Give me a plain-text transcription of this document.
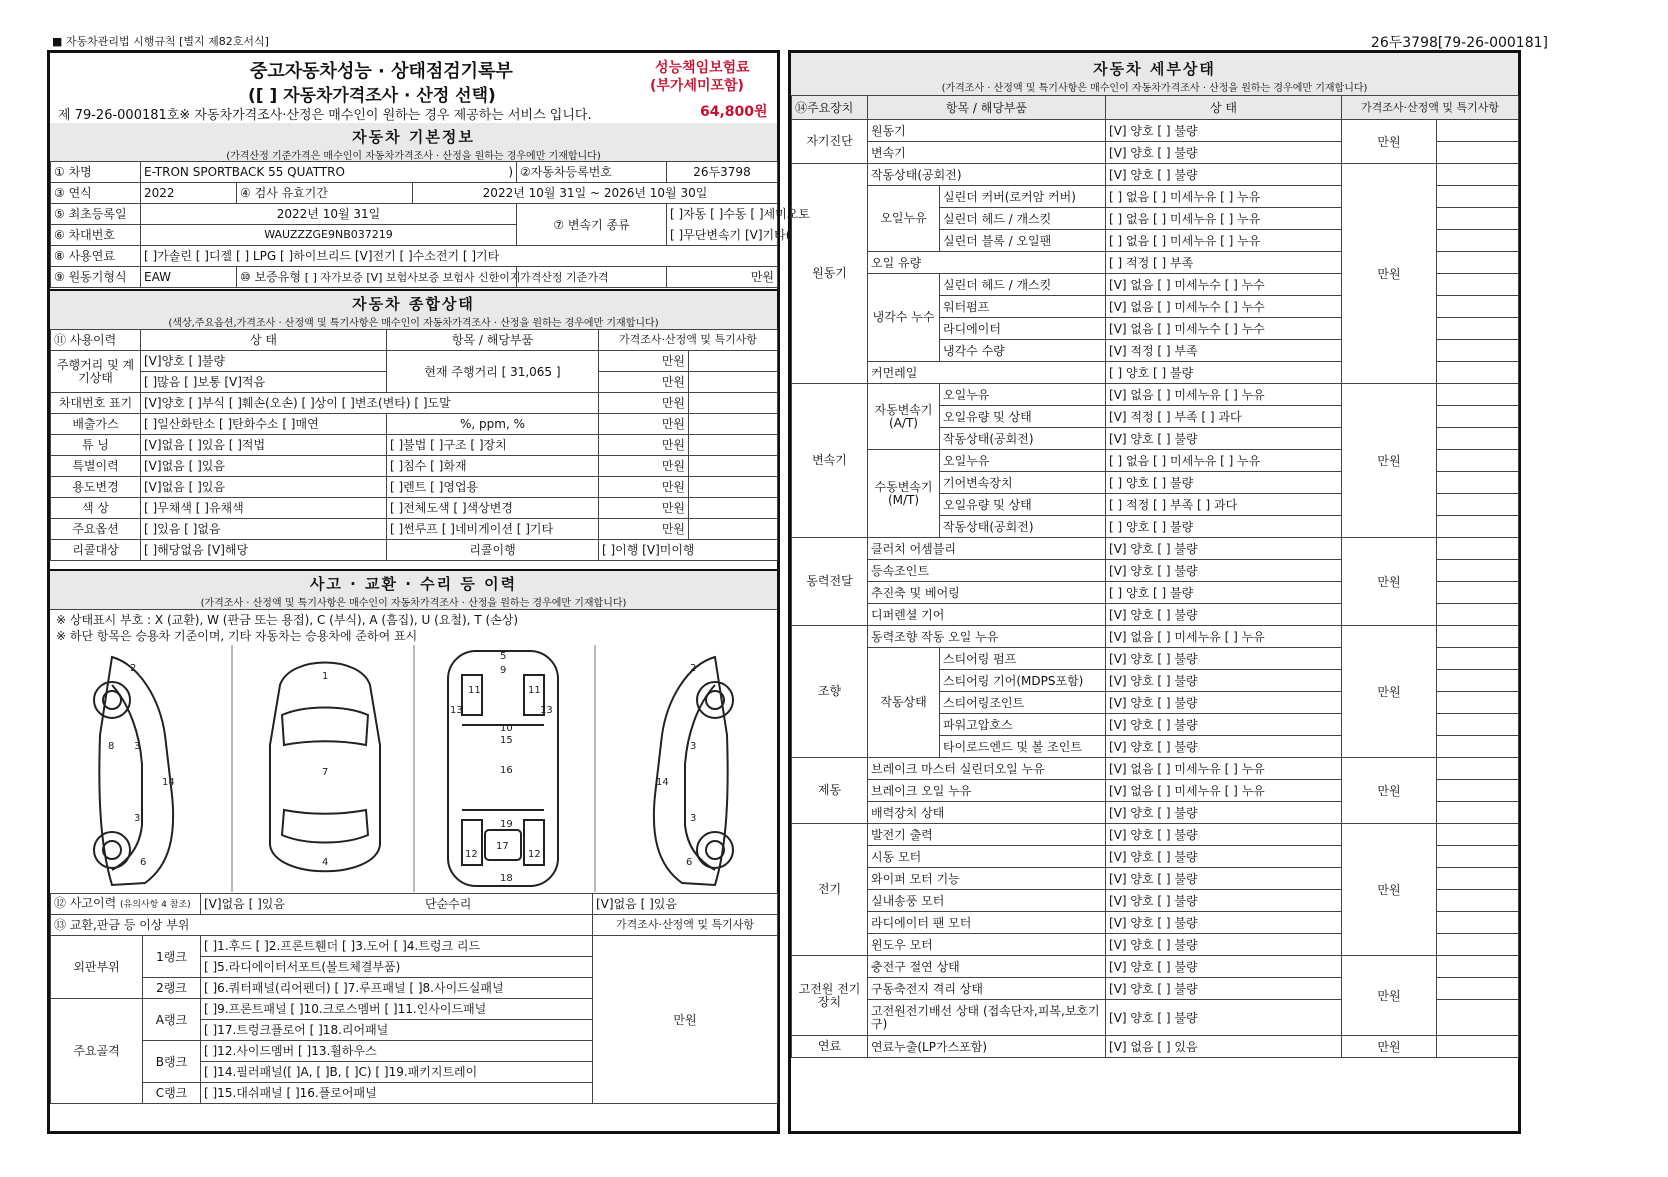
■ 자동차관리법 시행규칙 [별지 제82호서식]	26두3798[79-26-000181]
중고자동차성능 · 상태점검기록부
([ ] 자동차가격조사 · 산정 선택)
제 79-26-000181호※ 자동차가격조사·산정은 매수인이 원하는 경우 제공하는 서비스 입니다.
성능책임보험료
(부가세미포함)
64,800원
자동차 기본정보
(가격산정 기준가격은 매수인이 자동차가격조사 · 산정을 원하는 경우에만 기재합니다)
① 차명	E-TRON SPORTBACK 55 QUATTRO )			②자동차등록번호	26두3798
③ 연식	2022	④ 검사 유효기간	2022년 10월 31일 ~ 2026년 10월 30일		
⑤ 최초등록일	2022년 10월 31일			⑦ 변속기 종류	[ ]자동 [ ]수동 [ ]세미오토
⑥ 차대번호	WAUZZZGE9NB037219				[ ]무단변속기 [V]기타(
⑧ 사용연료	[ ]가솔린 [ ]디젤 [ ] LPG [ ]하이브리드 [V]전기 [ ]수소전기 [ ]기타				
⑨ 원동기형식	EAW	⑩ 보증유형 [ ] 자가보증 [V] 보험사보증 보험사 신한이지		가격산정 기준가격	만원
자동차 종합상태
(색상,주요옵션,가격조사 · 산정액 및 특기사항은 매수인이 자동차가격조사 · 산정을 원하는 경우에만 기재합니다)
⑪ 사용이력	상 태	항목 / 해당부품	가격조사·산정액 및 특기사항	
주행거리 및 계기상태	[V]양호 [ ]불량	현재 주행거리 [ 31,065 ]	만원	
	[ ]많음 [ ]보통 [V]적음		만원	
차대번호 표기	[V]양호 [ ]부식 [ ]훼손(오손) [ ]상이 [ ]변조(변타) [ ]도말		만원	
배출가스	[ ]일산화탄소 [ ]탄화수소 [ ]매연	%, ppm, %	만원	
튜 닝	[V]없음 [ ]있음 [ ]적법	[ ]불법 [ ]구조 [ ]장치	만원	
특별이력	[V]없음 [ ]있음	[ ]침수 [ ]화재	만원	
용도변경	[V]없음 [ ]있음	[ ]렌트 [ ]영업용	만원	
색 상	[ ]무채색 [ ]유채색	[ ]전체도색 [ ]색상변경	만원	
주요옵션	[ ]있음 [ ]없음	[ ]썬루프 [ ]네비게이션 [ ]기타	만원	
리콜대상	[ ]해당없음 [V]해당	리콜이행	[ ]이행 [V]미이행	
사고 · 교환 · 수리 등 이력
(가격조사 · 산정액 및 특기사항은 매수인이 자동차가격조사 · 산정을 원하는 경우에만 기재합니다)
※ 상태표시 부호 : X (교환), W (판금 또는 용접), C (부식), A (흠집), U (요철), T (손상)
※ 하단 항목은 승용차 기준이며, 기타 자동차는 승용차에 준하여 표시
2
3
3
6
8
14
1
7
4
5
9
11	11
10
15
16
19
17
18
13	13
12	12
2
3
3
6
14
⑫ 사고이력 (유의사항 4 참조)		[V]없음 [ ]있음 단순수리	[V]없음 [ ]있음
⑬ 교환,판금 등 이상 부위			가격조사·산정액 및 특기사항
외판부위	1랭크	[ ]1.후드 [ ]2.프론트휀더 [ ]3.도어 [ ]4.트렁크 리드	만원
		[ ]5.라디에이터서포트(볼트체결부품)	
	2랭크	[ ]6.쿼터패널(리어펜더) [ ]7.루프패널 [ ]8.사이드실패널	
주요골격	A랭크	[ ]9.프론트패널 [ ]10.크로스멤버 [ ]11.인사이드패널	
		[ ]17.트렁크플로어 [ ]18.리어패널	
	B랭크	[ ]12.사이드멤버 [ ]13.휠하우스	
		[ ]14.필러패널([ ]A, [ ]B, [ ]C) [ ]19.패키지트레이	
	C랭크	[ ]15.대쉬패널 [ ]16.플로어패널	
자동차 세부상태
(가격조사 · 산정액 및 특기사항은 매수인이 자동차가격조사 · 산정을 원하는 경우에만 기재합니다)
⑭주요장치	항목 / 해당부품		상 태	가격조사·산정액 및 특기사항	
자기진단	원동기		[V] 양호 [ ] 불량	만원	
	변속기		[V] 양호 [ ] 불량		
원동기	작동상태(공회전)		[V] 양호 [ ] 불량	만원	
	오일누유	실린더 커버(로커암 커버)	[ ] 없음 [ ] 미세누유 [ ] 누유		
		실린더 헤드 / 개스킷	[ ] 없음 [ ] 미세누유 [ ] 누유		
		실린더 블록 / 오일팬	[ ] 없음 [ ] 미세누유 [ ] 누유		
	오일 유량		[ ] 적정 [ ] 부족		
	냉각수 누수	실린더 헤드 / 개스킷	[V] 없음 [ ] 미세누수 [ ] 누수		
		워터펌프	[V] 없음 [ ] 미세누수 [ ] 누수		
		라디에이터	[V] 없음 [ ] 미세누수 [ ] 누수		
		냉각수 수량	[V] 적정 [ ] 부족		
	커먼레일		[ ] 양호 [ ] 불량		
변속기	자동변속기 (A/T)	오일누유	[V] 없음 [ ] 미세누유 [ ] 누유	만원	
		오일유량 및 상태	[V] 적정 [ ] 부족 [ ] 과다		
		작동상태(공회전)	[V] 양호 [ ] 불량		
	수동변속기 (M/T)	오일누유	[ ] 없음 [ ] 미세누유 [ ] 누유		
		기어변속장치	[ ] 양호 [ ] 불량		
		오일유량 및 상태	[ ] 적정 [ ] 부족 [ ] 과다		
		작동상태(공회전)	[ ] 양호 [ ] 불량		
동력전달	클러치 어셈블리		[V] 양호 [ ] 불량	만원	
	등속조인트		[V] 양호 [ ] 불량		
	추진축 및 베어링		[ ] 양호 [ ] 불량		
	디퍼렌셜 기어		[V] 양호 [ ] 불량		
조향	동력조향 작동 오일 누유		[V] 없음 [ ] 미세누유 [ ] 누유	만원	
	작동상태	스티어링 펌프	[V] 양호 [ ] 불량		
		스티어링 기어(MDPS포함)	[V] 양호 [ ] 불량		
		스티어링조인트	[V] 양호 [ ] 불량		
		파워고압호스	[V] 양호 [ ] 불량		
		타이로드엔드 및 볼 조인트	[V] 양호 [ ] 불량		
제동	브레이크 마스터 실린더오일 누유		[V] 없음 [ ] 미세누유 [ ] 누유	만원	
	브레이크 오일 누유		[V] 없음 [ ] 미세누유 [ ] 누유		
	배력장치 상태		[V] 양호 [ ] 불량		
전기	발전기 출력		[V] 양호 [ ] 불량	만원	
	시동 모터		[V] 양호 [ ] 불량		
	와이퍼 모터 기능		[V] 양호 [ ] 불량		
	실내송풍 모터		[V] 양호 [ ] 불량		
	라디에이터 팬 모터		[V] 양호 [ ] 불량		
	윈도우 모터		[V] 양호 [ ] 불량		
고전원 전기장치	충전구 절연 상태		[V] 양호 [ ] 불량	만원	
	구동축전지 격리 상태		[V] 양호 [ ] 불량		
	고전원전기배선 상태 (접속단자,피복,보호기구)		[V] 양호 [ ] 불량		
연료	연료누출(LP가스포함)		[V] 없음 [ ] 있음	만원	
